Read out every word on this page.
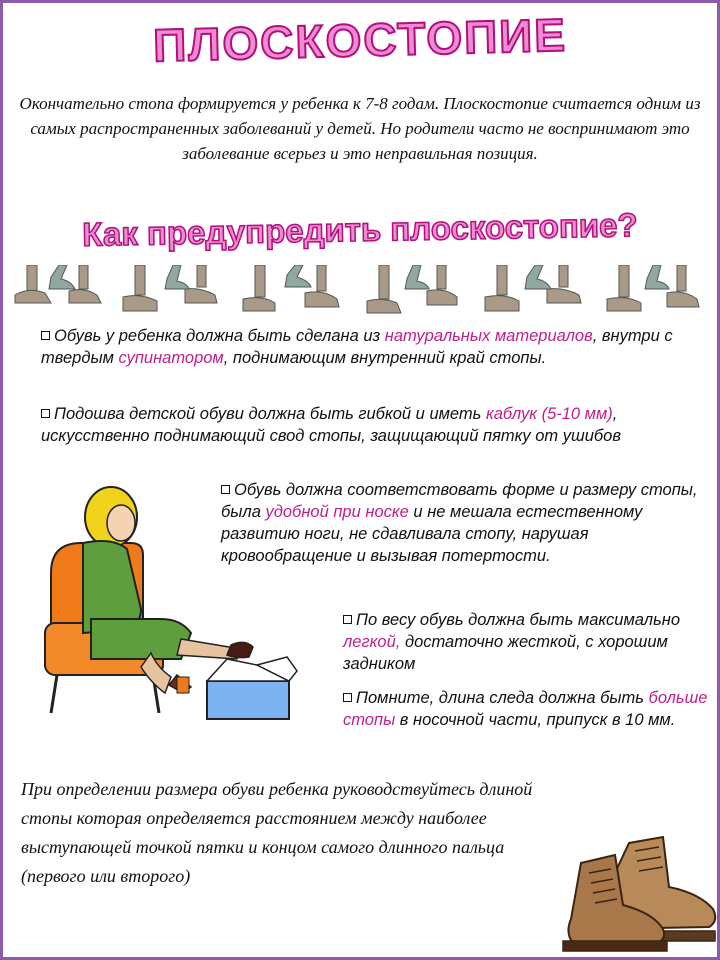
ПЛОСКОСТОПИЕ

Окончательно стопа формируется у ребенка к 7-8 годам. Плоскостопие считается одним из самых распространенных заболеваний у детей. Но родители часто не воспринимают это заболевание всерьез и это неправильная позиция.

Как предупредить плоскостопие?

Обувь у ребенка должна быть сделана из натуральных материалов, внутри с твердым супинатором, поднимающим внутренний край стопы.

Подошва детской обуви должна быть гибкой и иметь каблук (5-10 мм), искусственно поднимающий свод стопы, защищающий пятку от ушибов

Обувь должна соответствовать форме и размеру стопы, была удобной при носке и не мешала естественному развитию ноги, не сдавливала стопу, нарушая кровообращение и вызывая потертости.

По весу обувь должна быть максимально легкой, достаточно жесткой, с хорошим задником

Помните, длина следа должна быть больше стопы в носочной части, припуск в 10 мм.

При определении размера обуви ребенка руководствуйтесь длиной стопы которая определяется расстоянием между наиболее выступающей точкой пятки и концом самого длинного пальца
(первого или второго)
